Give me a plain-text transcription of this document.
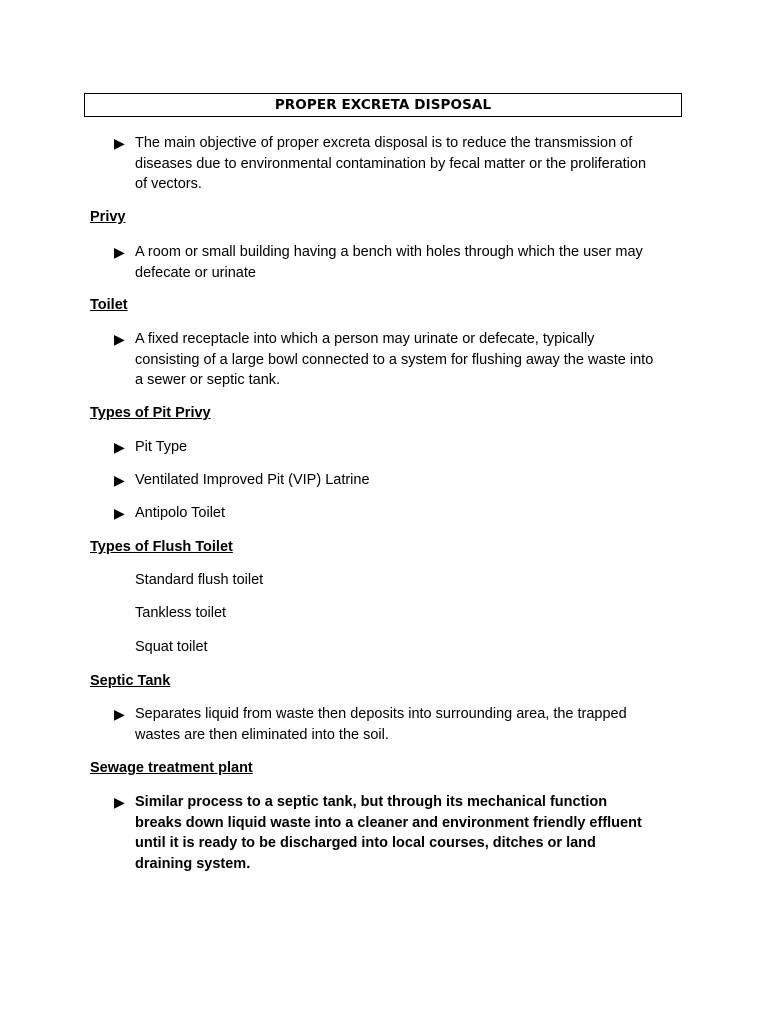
PROPER EXCRETA DISPOSAL
▶ The main objective of proper excreta disposal is to reduce the transmission of
diseases due to environmental contamination by fecal matter or the proliferation
of vectors.
Privy
▶ A room or small building having a bench with holes through which the user may
defecate or urinate
Toilet
▶ A fixed receptacle into which a person may urinate or defecate, typically
consisting of a large bowl connected to a system for flushing away the waste into
a sewer or septic tank.
Types of Pit Privy
▶ Pit Type
▶ Ventilated Improved Pit (VIP) Latrine
▶ Antipolo Toilet
Types of Flush Toilet
Standard flush toilet
Tankless toilet
Squat toilet
Septic Tank
▶ Separates liquid from waste then deposits into surrounding area, the trapped
wastes are then eliminated into the soil.
Sewage treatment plant
▶ Similar process to a septic tank, but through its mechanical function
breaks down liquid waste into a cleaner and environment friendly effluent
until it is ready to be discharged into local courses, ditches or land
draining system.
